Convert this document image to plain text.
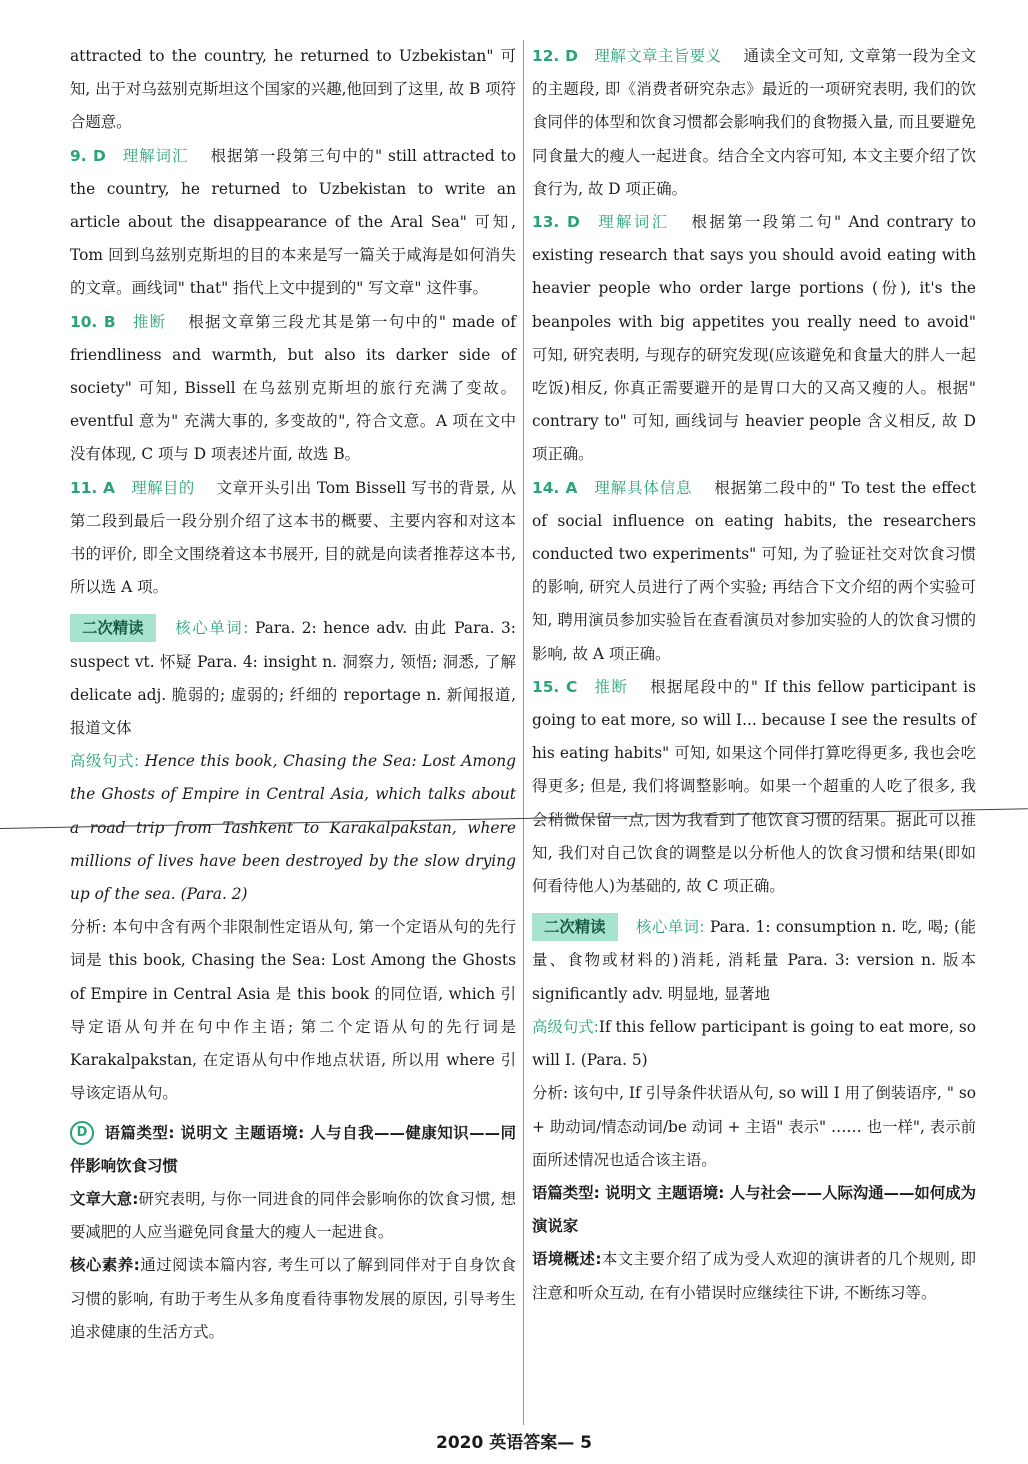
attracted to the country, he returned to Uzbekistan" 可知, 出于对乌兹别克斯坦这个国家的兴趣,他回到了这里, 故 B 项符合题意。

9. D 理解词汇 根据第一段第三句中的" still attracted to the country, he returned to Uzbekistan to write an article about the disappearance of the Aral Sea" 可知, Tom 回到乌兹别克斯坦的目的本来是写一篇关于咸海是如何消失的文章。画线词" that" 指代上文中提到的" 写文章" 这件事。

10. B 推断 根据文章第三段尤其是第一句中的" made of friendliness and warmth, but also its darker side of society" 可知, Bissell 在乌兹别克斯坦的旅行充满了变故。eventful 意为" 充满大事的, 多变故的", 符合文意。A 项在文中没有体现, C 项与 D 项表述片面, 故选 B。

11. A 理解目的 文章开头引出 Tom Bissell 写书的背景, 从第二段到最后一段分别介绍了这本书的概要、主要内容和对这本书的评价, 即全文围绕着这本书展开, 目的就是向读者推荐这本书, 所以选 A 项。

二次精读 核心单词: Para. 2: hence adv. 由此 Para. 3: suspect vt. 怀疑 Para. 4: insight n. 洞察力, 领悟; 洞悉, 了解 delicate adj. 脆弱的; 虚弱的; 纤细的 reportage n. 新闻报道, 报道文体

高级句式: Hence this book, Chasing the Sea: Lost Among the Ghosts of Empire in Central Asia, which talks about a road trip from Tashkent to Karakalpakstan, where millions of lives have been destroyed by the slow drying up of the sea. (Para. 2)

分析: 本句中含有两个非限制性定语从句, 第一个定语从句的先行词是 this book, Chasing the Sea: Lost Among the Ghosts of Empire in Central Asia 是 this book 的同位语, which 引导定语从句并在句中作主语; 第二个定语从句的先行词是 Karakalpakstan, 在定语从句中作地点状语, 所以用 where 引导该定语从句。

D 语篇类型: 说明文 主题语境: 人与自我——健康知识——同伴影响饮食习惯

文章大意:研究表明, 与你一同进食的同伴会影响你的饮食习惯, 想要减肥的人应当避免同食量大的瘦人一起进食。

核心素养:通过阅读本篇内容, 考生可以了解到同伴对于自身饮食习惯的影响, 有助于考生从多角度看待事物发展的原因, 引导考生追求健康的生活方式。

12. D 理解文章主旨要义 通读全文可知, 文章第一段为全文的主题段, 即《消费者研究杂志》最近的一项研究表明, 我们的饮食同伴的体型和饮食习惯都会影响我们的食物摄入量, 而且要避免同食量大的瘦人一起进食。结合全文内容可知, 本文主要介绍了饮食行为, 故 D 项正确。

13. D 理解词汇 根据第一段第二句" And contrary to existing research that says you should avoid eating with heavier people who order large portions (份), it's the beanpoles with big appetites you really need to avoid" 可知, 研究表明, 与现存的研究发现(应该避免和食量大的胖人一起吃饭)相反, 你真正需要避开的是胃口大的又高又瘦的人。根据" contrary to" 可知, 画线词与 heavier people 含义相反, 故 D 项正确。

14. A 理解具体信息 根据第二段中的" To test the effect of social influence on eating habits, the researchers conducted two experiments" 可知, 为了验证社交对饮食习惯的影响, 研究人员进行了两个实验; 再结合下文介绍的两个实验可知, 聘用演员参加实验旨在查看演员对参加实验的人的饮食习惯的影响, 故 A 项正确。

15. C 推断 根据尾段中的" If this fellow participant is going to eat more, so will I... because I see the results of his eating habits" 可知, 如果这个同伴打算吃得更多, 我也会吃得更多; 但是, 我们将调整影响。如果一个超重的人吃了很多, 我会稍微保留一点, 因为我看到了他饮食习惯的结果。据此可以推知, 我们对自己饮食的调整是以分析他人的饮食习惯和结果(即如何看待他人)为基础的, 故 C 项正确。

二次精读 核心单词: Para. 1: consumption n. 吃, 喝; (能量、食物或材料的)消耗, 消耗量 Para. 3: version n. 版本 significantly adv. 明显地, 显著地

高级句式:If this fellow participant is going to eat more, so will I. (Para. 5)

分析: 该句中, If 引导条件状语从句, so will I 用了倒装语序, " so + 助动词/情态动词/be 动词 + 主语" 表示" …… 也一样", 表示前面所述情况也适合该主语。

语篇类型: 说明文 主题语境: 人与社会——人际沟通——如何成为演说家

语境概述:本文主要介绍了成为受人欢迎的演讲者的几个规则, 即注意和听众互动, 在有小错误时应继续往下讲, 不断练习等。

2020 英语答案— 5
